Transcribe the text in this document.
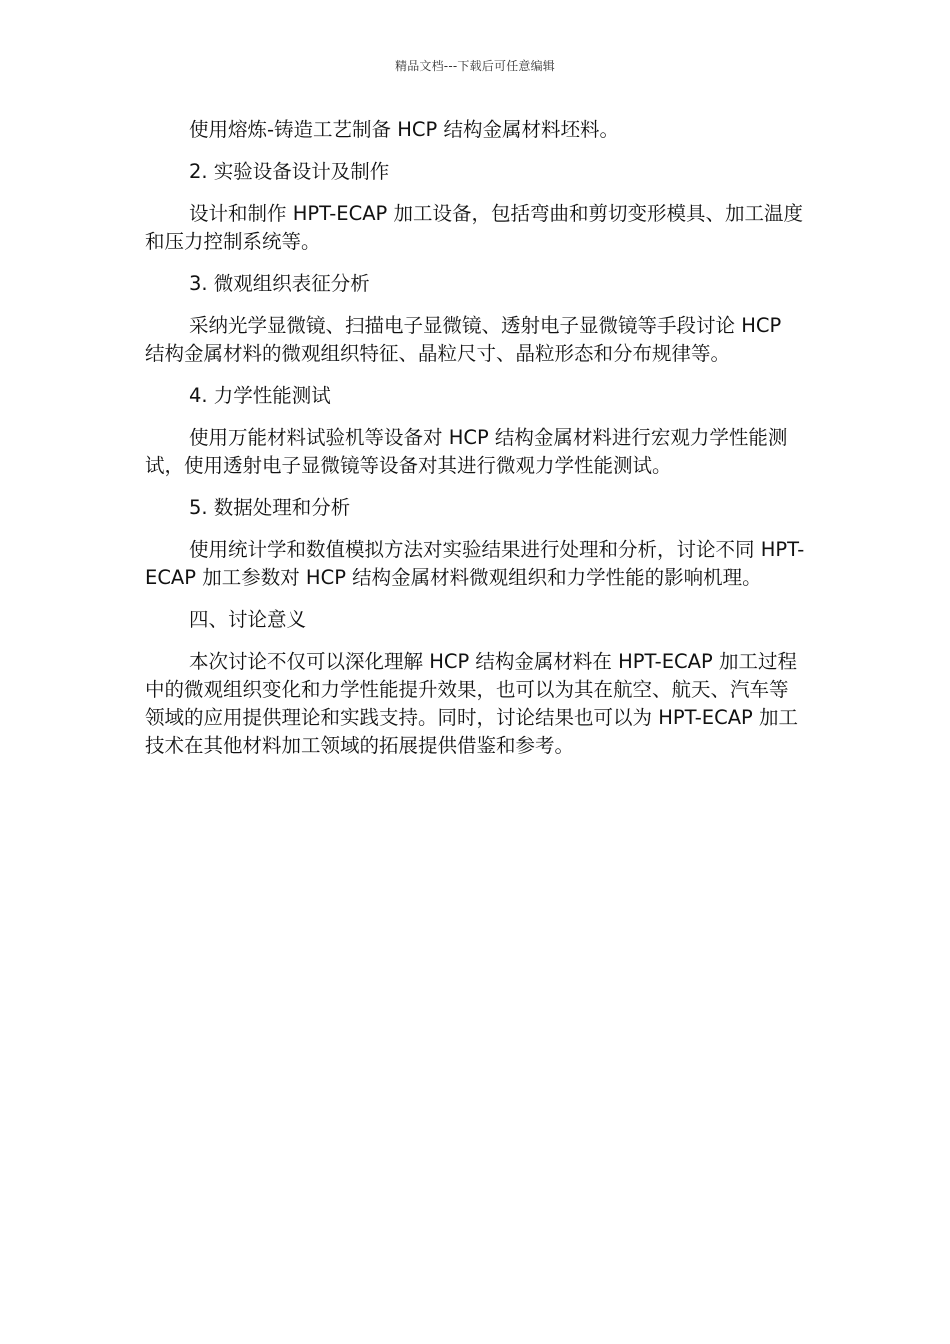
精品文档---下载后可任意编辑

使用熔炼-铸造工艺制备 HCP 结构金属材料坯料。

2. 实验设备设计及制作

设计和制作 HPT-ECAP 加工设备，包括弯曲和剪切变形模具、加工温度和压力控制系统等。

3. 微观组织表征分析

采纳光学显微镜、扫描电子显微镜、透射电子显微镜等手段讨论 HCP 结构金属材料的微观组织特征、晶粒尺寸、晶粒形态和分布规律等。

4. 力学性能测试

使用万能材料试验机等设备对 HCP 结构金属材料进行宏观力学性能测试，使用透射电子显微镜等设备对其进行微观力学性能测试。

5. 数据处理和分析

使用统计学和数值模拟方法对实验结果进行处理和分析，讨论不同 HPT-ECAP 加工参数对 HCP 结构金属材料微观组织和力学性能的影响机理。

四、讨论意义

本次讨论不仅可以深化理解 HCP 结构金属材料在 HPT-ECAP 加工过程中的微观组织变化和力学性能提升效果，也可以为其在航空、航天、汽车等领域的应用提供理论和实践支持。同时，讨论结果也可以为 HPT-ECAP 加工技术在其他材料加工领域的拓展提供借鉴和参考。
